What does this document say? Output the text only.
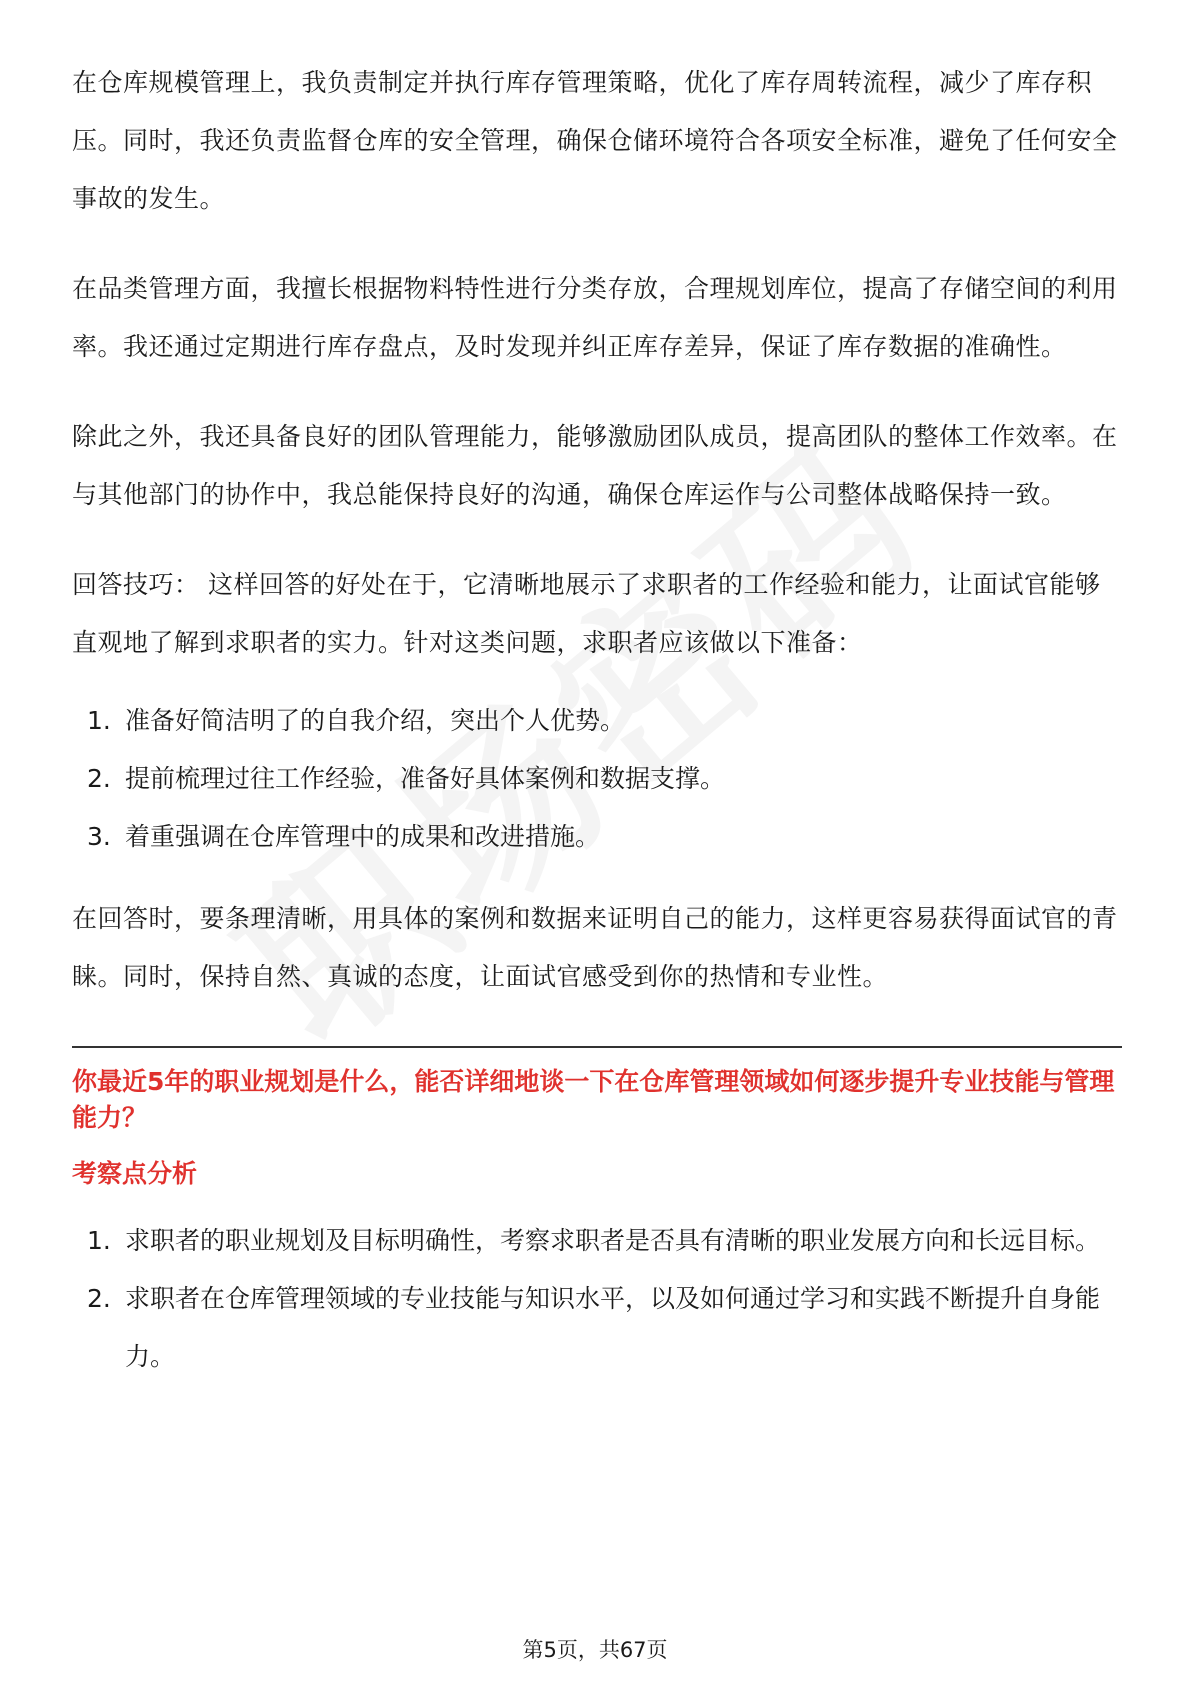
在仓库规模管理上，我负责制定并执行库存管理策略，优化了库存周转流程，减少了库存积压。同时，我还负责监督仓库的安全管理，确保仓储环境符合各项安全标准，避免了任何安全事故的发生。

在品类管理方面，我擅长根据物料特性进行分类存放，合理规划库位，提高了存储空间的利用率。我还通过定期进行库存盘点，及时发现并纠正库存差异，保证了库存数据的准确性。

除此之外，我还具备良好的团队管理能力，能够激励团队成员，提高团队的整体工作效率。在与其他部门的协作中，我总能保持良好的沟通，确保仓库运作与公司整体战略保持一致。

回答技巧： 这样回答的好处在于，它清晰地展示了求职者的工作经验和能力，让面试官能够直观地了解到求职者的实力。针对这类问题，求职者应该做以下准备：

1. 准备好简洁明了的自我介绍，突出个人优势。
2. 提前梳理过往工作经验，准备好具体案例和数据支撑。
3. 着重强调在仓库管理中的成果和改进措施。

在回答时，要条理清晰，用具体的案例和数据来证明自己的能力，这样更容易获得面试官的青睐。同时，保持自然、真诚的态度，让面试官感受到你的热情和专业性。

你最近5年的职业规划是什么，能否详细地谈一下在仓库管理领域如何逐步提升专业技能与管理能力？
考察点分析
1. 求职者的职业规划及目标明确性，考察求职者是否具有清晰的职业发展方向和长远目标。
2. 求职者在仓库管理领域的专业技能与知识水平，以及如何通过学习和实践不断提升自身能力。
第5页，共67页
